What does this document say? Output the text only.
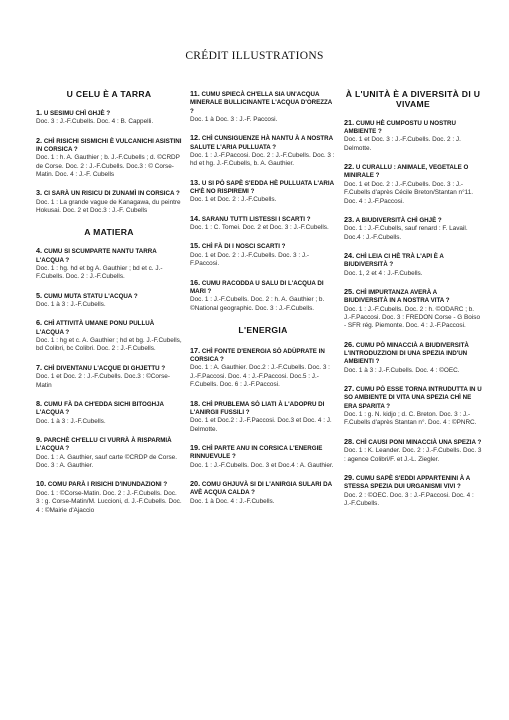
CRÉDIT ILLUSTRATIONS
U CELU È A TARRA
1. U SESIMU CHÌ GHJÈ ?
Doc. 3 : J.-F.Cubells. Doc. 4 : B. Cappelli.
2. CHÌ RISICHI SISMICHI È VULCANICHI ASISTINI IN CORSICA ?
Doc. 1 : h. A. Gauthier ; b. J.-F.Cubells ; d. ©CRDP de Corse. Doc. 2 : J.-F.Cubells. Doc.3 : © Corse-Matin. Doc. 4 : J.-F. Cubells
3. CI SARÀ UN RISICU DI ZUNAMÌ IN CORSICA ?
Doc. 1 : La grande vague de Kanagawa, du peintre Hokusai. Doc. 2 et Doc.3 : J.-F. Cubells
A MATIERA
4. CUMU SI SCUMPARTE NANTU TARRA L'ACQUA ?
Doc. 1 : hg. hd et bg A. Gauthier ; bd et c. J.-F.Cubells. Doc. 2 : J.-F.Cubells.
5. CUMU MUTA STATU L'ACQUA ?
Doc. 1 à 3 : J.-F.Cubells.
6. CHÌ ATTIVITÀ UMANE PONU PULLUÀ L'ACQUA ?
Doc. 1 : hg et c. A. Gauthier ; hd et bg. J.-F.Cubells, bd Colibri, bc Colibri. Doc. 2 : J.-F.Cubells.
7. CHÌ DIVENTANU L'ACQUE DI GHJETTU ?
Doc. 1 et Doc. 2 : J.-F.Cubells. Doc.3 : ©Corse-Matin
8. CUMU FÀ DA CH'EDDA SICHI BITOGHJA L'ACQUA ?
Doc. 1 à 3 : J.-F.Cubells.
9. PARCHÈ CH'ELLU CI VURRÀ À RISPARMIÀ L'ACQUA ?
Doc. 1 : A. Gauthier, sauf carte ©CRDP de Corse. Doc. 3 : A. Gauthier.
10. COMU PARÀ I RISICHI D'INUNDAZIONI ?
Doc. 1 : ©Corse-Matin. Doc. 2 : J.-F.Cubells. Doc. 3 : g. Corse-Matin/M. Luccioni, d. J.-F.Cubells. Doc. 4 : ©Mairie d'Ajaccio
11. CUMU SPIECÀ CH'ELLA SIA UN'ACQUA MINERALE BULLICINANTE L'ACQUA D'OREZZA ?
Doc. 1 à Doc. 3 : J.-F. Paccosi.
12. CHÌ CUNSIGUENZE HÀ NANTU À A NOSTRA SALUTE L'ARIA PULLUATA ?
Doc. 1 : J.-F.Paccosi. Doc. 2 : J.-F.Cubells. Doc. 3 : hd et hg. J.-F.Cubells, b. A. Gauthier.
13. U SI PÒ SAPÈ S'EDDA HÈ PULLUATA L'ARIA CH'È NO RISPIREMI ?
Doc. 1 et Doc. 2 : J.-F.Cubells.
14. SARANU TUTTI LISTESSI I SCARTI ?
Doc. 1 : C. Tomei. Doc. 2 et Doc. 3 : J.-F.Cubells.
15. CHÌ FÀ DI I NOSCI SCARTI ?
Doc. 1 et Doc. 2 : J.-F.Cubells. Doc. 3 : J.-F.Paccosi.
16. CUMU RACODDA U SALU DI L'ACQUA DI MARI ?
Doc. 1 : J.-F.Cubells. Doc. 2 : h. A. Gauthier ; b. ©National geographic. Doc. 3 : J.-F.Cubells.
L'ENERGIA
17. CHÌ FONTE D'ENERGIA SÒ ADÙPRATE IN CORSICA ?
Doc. 1 : A. Gauthier. Doc.2 : J.-F.Cubells. Doc. 3 : J.-F.Paccosi. Doc. 4 : J.-F.Paccosi. Doc.5 : J.-F.Cubells. Doc. 6 : J.-F.Paccosi.
18. CHÌ PRUBLEMA SÒ LIATI À L'ADOPRU DI L'ANIRGII FUSSILI ?
Doc. 1 et Doc.2 : J.-F.Paccosi. Doc.3 et Doc. 4 : J. Delmotte.
19. CHÌ PARTE ANU IN CORSICA L'ENERGIE RINNUEVULE ?
Doc. 1 : J.-F.Cubells. Doc. 3 et Doc.4 : A. Gauthier.
20. COMU GHJUVÀ SI DI L'ANIRGIA SULARI DA AVÈ ACQUA CALDA ?
Doc. 1 à Doc. 4 : J.-F.Cubells.
À L'UNITÀ È A DIVERSITÀ DI U VIVAME
21. CUMU HÈ CUMPOSTU U NOSTRU AMBIENTE ?
Doc. 1 et Doc. 3 : J.-F.Cubells. Doc. 2 : J. Delmotte.
22. U CURALLU : ANIMALE, VEGETALE O MINIRALE ?
Doc. 1 et Doc. 2 : J.-F.Cubells. Doc. 3 : J.-F.Cubells d'après Cécile Breton/Stantan n°11. Doc. 4 : J.-F.Paccosi.
23. A BIUDIVERSITÀ CHÌ GHJÈ ?
Doc. 1 : J.-F.Cubells, sauf renard : F. Lavail. Doc.4 : J.-F.Cubells.
24. CHÌ LEIA CI HÈ TRÀ L'API È A BIUDIVERSITÀ ?
Doc. 1, 2 et 4 : J.-F.Cubells.
25. CHÌ IMPURTANZA AVERÀ A BIUDIVERSITÀ IN A NOSTRA VITA ?
Doc. 1 : J.-F.Cubells. Doc. 2 : h. ©ODARC ; b. J.-F.Paccosi. Doc. 3 : FREDON Corse - G Boiso - SFR rég. Piemonte. Doc. 4 : J.-F.Paccosi.
26. CUMU PÒ MINACCIÀ A BIUDIVERSITÀ L'INTRODUZZIONI DI UNA SPEZIA IND'UN AMBIENTI ?
Doc. 1 à 3 : J.-F.Cubells. Doc. 4 : ©OEC.
27. CUMU PÒ ESSE TORNA INTRUDUTTA IN U SO AMBIENTE DI VITA UNA SPEZIA CHÌ NE ERA SPARITA ?
Doc. 1 : g. N. kidjo ; d. C. Breton. Doc. 3 : J.-F.Cubells d'après Stantan n°. Doc. 4 : ©PNRC.
28. CHÌ CAUSI PONI MINACCIÀ UNA SPEZIA ?
Doc. 1 : K. Leander. Doc. 2 : J.-F.Cubells. Doc. 3 : agence Colibri/F. et J.-L. Ziegler.
29. CUMU SAPÈ S'EDDI APPARTENINI À A STESSA SPEZIA DUI URGANISMI VIVI ?
Doc. 2 : ©OEC. Doc. 3 : J.-F.Paccosi. Doc. 4 : J.-F.Cubells.
